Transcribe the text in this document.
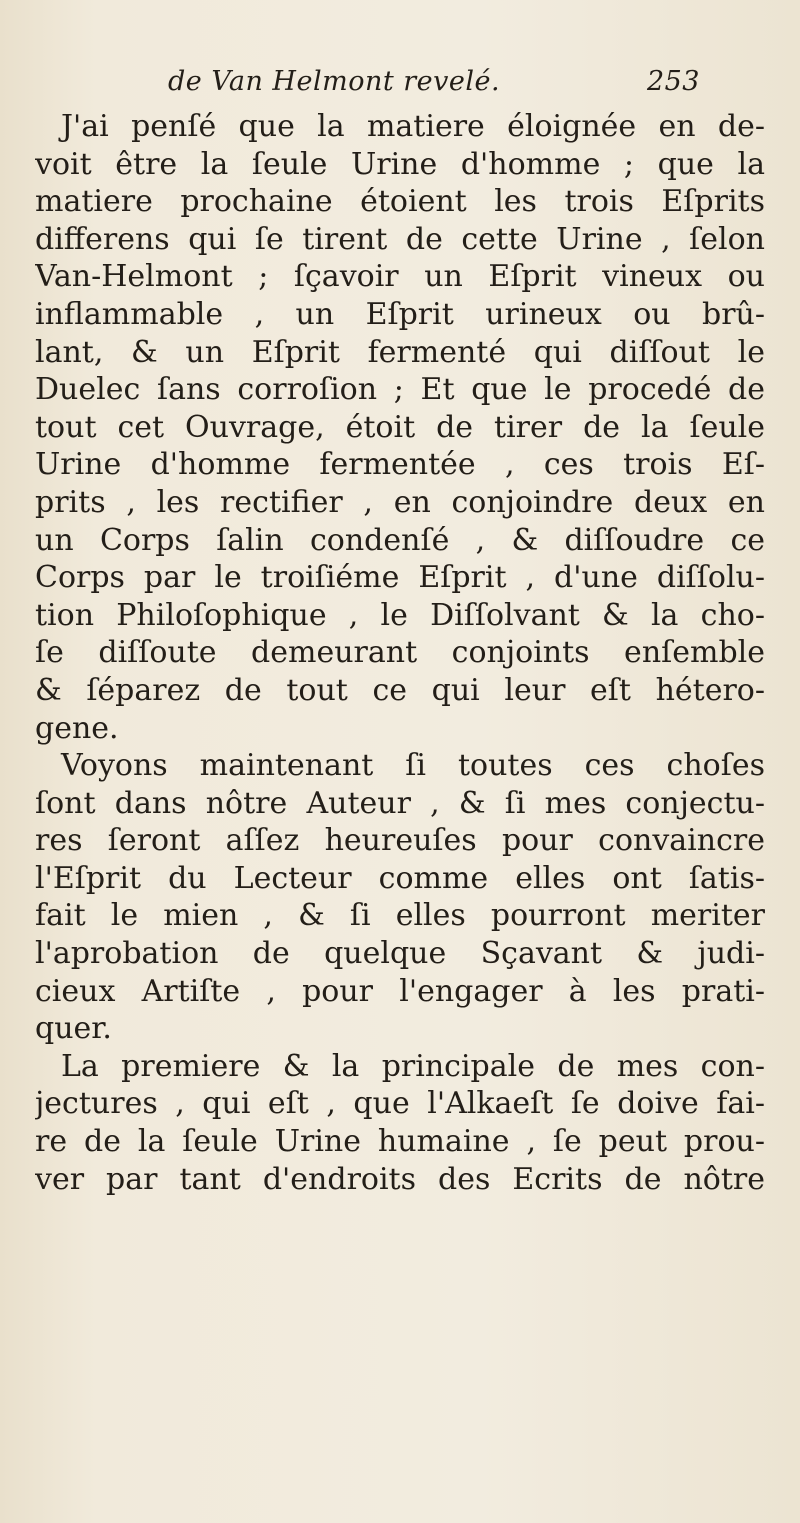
de Van Helmont revelé.	253
J'ai penſé que la matiere éloignée en de-
voit être la ſeule Urine d'homme ; que la
matiere prochaine étoient les trois Eſprits
differens qui ſe tirent de cette Urine , ſelon
Van-Helmont ; ſçavoir un Eſprit vineux ou
inflammable , un Eſprit urineux ou brû-
lant, & un Eſprit fermenté qui diſſout le
Duelec ſans corroſion ; Et que le procedé de
tout cet Ouvrage, étoit de tirer de la ſeule
Urine d'homme fermentée , ces trois Eſ-
prits , les rectifier , en conjoindre deux en
un Corps ſalin condenſé , & diſſoudre ce
Corps par le troiſiéme Eſprit , d'une diſſolu-
tion Philoſophique , le Diſſolvant & la cho-
ſe diſſoute demeurant conjoints enſemble
& ſéparez de tout ce qui leur eſt hétero-
gene.
Voyons maintenant ſi toutes ces choſes
ſont dans nôtre Auteur , & ſi mes conjectu-
res ſeront aſſez heureuſes pour convaincre
l'Eſprit du Lecteur comme elles ont ſatis-
fait le mien , & ſi elles pourront meriter
l'aprobation de quelque Sçavant & judi-
cieux Artiſte , pour l'engager à les prati-
quer.
La premiere & la principale de mes con-
jectures , qui eſt , que l'Alkaeſt ſe doive fai-
re de la ſeule Urine humaine , ſe peut prou-
ver par tant d'endroits des Ecrits de nôtre
